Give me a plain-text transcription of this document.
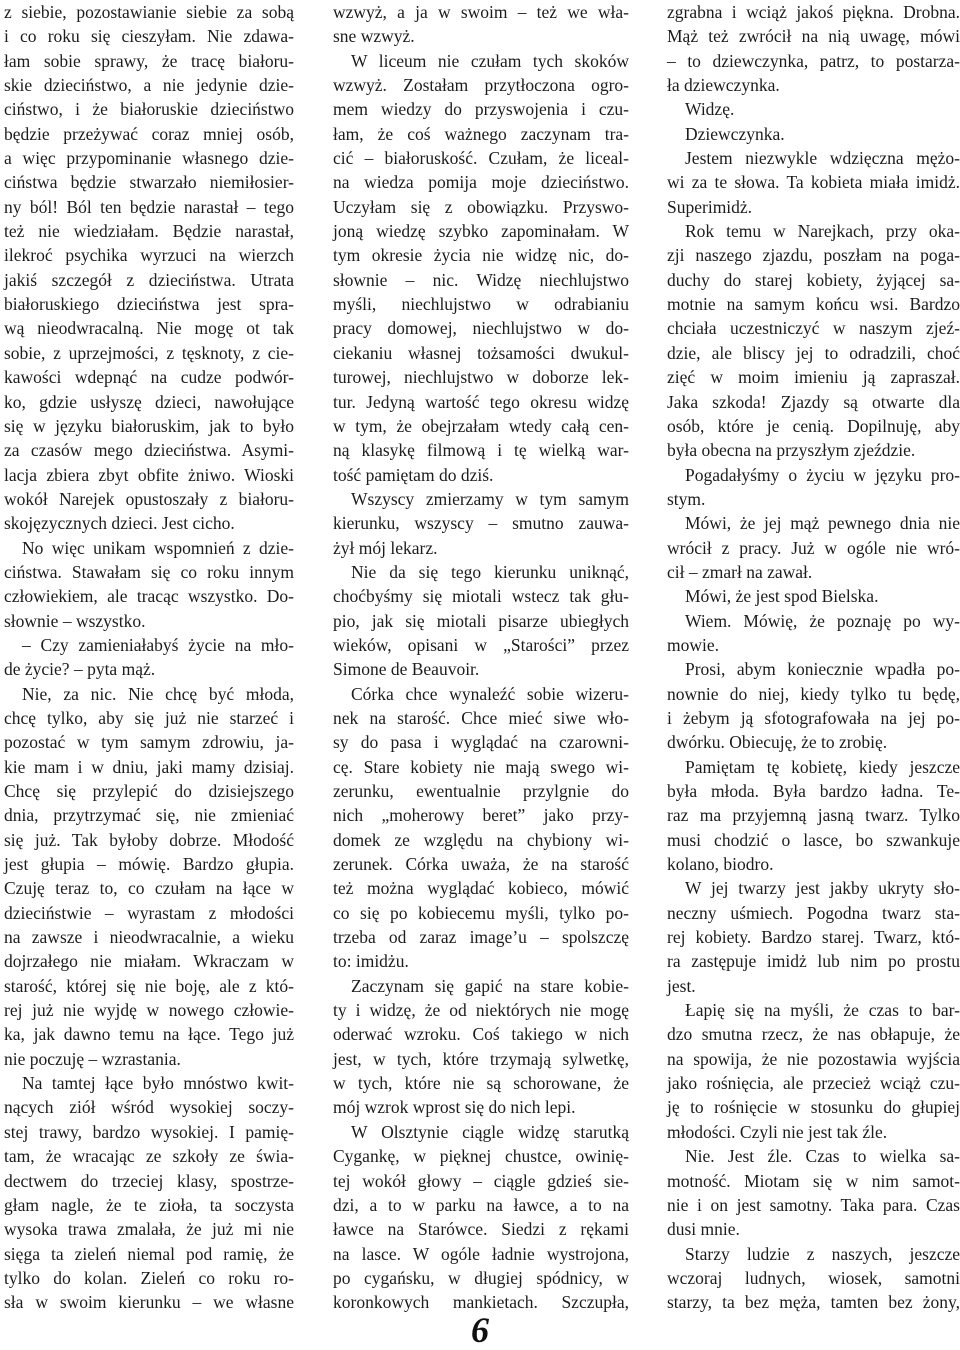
z siebie, pozostawianie siebie za sobą
i co roku się cieszyłam. Nie zdawa-
łam sobie sprawy, że tracę białoru-
skie dzieciństwo, a nie jedynie dzie-
ciństwo, i że białoruskie dzieciństwo
będzie przeżywać coraz mniej osób,
a więc przypominanie własnego dzie-
ciństwa będzie stwarzało niemiłosier-
ny ból! Ból ten będzie narastał – tego
też nie wiedziałam. Będzie narastał,
ilekroć psychika wyrzuci na wierzch
jakiś szczegół z dzieciństwa. Utrata
białoruskiego dzieciństwa jest spra-
wą nieodwracalną. Nie mogę ot tak
sobie, z uprzejmości, z tęsknoty, z cie-
kawości wdepnąć na cudze podwór-
ko, gdzie usłyszę dzieci, nawołujące
się w języku białoruskim, jak to było
za czasów mego dzieciństwa. Asymi-
lacja zbiera zbyt obfite żniwo. Wioski
wokół Narejek opustoszały z białoru-
skojęzycznych dzieci. Jest cicho.
No więc unikam wspomnień z dzie-
ciństwa. Stawałam się co roku innym
człowiekiem, ale tracąc wszystko. Do-
słownie – wszystko.
– Czy zamieniałabyś życie na mło-
de życie? – pyta mąż.
Nie, za nic. Nie chcę być młoda,
chcę tylko, aby się już nie starzeć i
pozostać w tym samym zdrowiu, ja-
kie mam i w dniu, jaki mamy dzisiaj.
Chcę się przylepić do dzisiejszego
dnia, przytrzymać się, nie zmieniać
się już. Tak byłoby dobrze. Młodość
jest głupia – mówię. Bardzo głupia.
Czuję teraz to, co czułam na łące w
dzieciństwie – wyrastam z młodości
na zawsze i nieodwracalnie, a wieku
dojrzałego nie miałam. Wkraczam w
starość, której się nie boję, ale z któ-
rej już nie wyjdę w nowego człowie-
ka, jak dawno temu na łące. Tego już
nie poczuję – wzrastania.
Na tamtej łące było mnóstwo kwit-
nących ziół wśród wysokiej soczy-
stej trawy, bardzo wysokiej. I pamię-
tam, że wracając ze szkoły ze świa-
dectwem do trzeciej klasy, spostrze-
głam nagle, że te zioła, ta soczysta
wysoka trawa zmalała, że już mi nie
sięga ta zieleń niemal pod ramię, że
tylko do kolan. Zieleń co roku ro-
sła w swoim kierunku – we własne
wzwyż, a ja w swoim – też we wła-
sne wzwyż.
W liceum nie czułam tych skoków
wzwyż. Zostałam przytłoczona ogro-
mem wiedzy do przyswojenia i czu-
łam, że coś ważnego zaczynam tra-
cić – białoruskość. Czułam, że liceal-
na wiedza pomija moje dzieciństwo.
Uczyłam się z obowiązku. Przyswo-
joną wiedzę szybko zapominałam. W
tym okresie życia nie widzę nic, do-
słownie – nic. Widzę niechlujstwo
myśli, niechlujstwo w odrabianiu
pracy domowej, niechlujstwo w do-
ciekaniu własnej tożsamości dwukul-
turowej, niechlujstwo w doborze lek-
tur. Jedyną wartość tego okresu widzę
w tym, że obejrzałam wtedy całą cen-
ną klasykę filmową i tę wielką war-
tość pamiętam do dziś.
Wszyscy zmierzamy w tym samym
kierunku, wszyscy – smutno zauwa-
żył mój lekarz.
Nie da się tego kierunku uniknąć,
choćbyśmy się miotali wstecz tak głu-
pio, jak się miotali pisarze ubiegłych
wieków, opisani w „Starości” przez
Simone de Beauvoir.
Córka chce wynaleźć sobie wizeru-
nek na starość. Chce mieć siwe wło-
sy do pasa i wyglądać na czarowni-
cę. Stare kobiety nie mają swego wi-
zerunku, ewentualnie przylgnie do
nich „moherowy beret” jako przy-
domek ze względu na chybiony wi-
zerunek. Córka uważa, że na starość
też można wyglądać kobieco, mówić
co się po kobiecemu myśli, tylko po-
trzeba od zaraz image’u – spolszczę
to: imidżu.
Zaczynam się gapić na stare kobie-
ty i widzę, że od niektórych nie mogę
oderwać wzroku. Coś takiego w nich
jest, w tych, które trzymają sylwetkę,
w tych, które nie są schorowane, że
mój wzrok wprost się do nich lepi.
W Olsztynie ciągle widzę starutką
Cygankę, w pięknej chustce, owinię-
tej wokół głowy – ciągle gdzieś sie-
dzi, a to w parku na ławce, a to na
ławce na Starówce. Siedzi z rękami
na lasce. W ogóle ładnie wystrojona,
po cygańsku, w długiej spódnicy, w
koronkowych mankietach. Szczupła,
zgrabna i wciąż jakoś piękna. Drobna.
Mąż też zwrócił na nią uwagę, mówi
– to dziewczynka, patrz, to postarza-
ła dziewczynka.
Widzę.
Dziewczynka.
Jestem niezwykle wdzięczna mężo-
wi za te słowa. Ta kobieta miała imidż.
Superimidż.
Rok temu w Narejkach, przy oka-
zji naszego zjazdu, poszłam na poga-
duchy do starej kobiety, żyjącej sa-
motnie na samym końcu wsi. Bardzo
chciała uczestniczyć w naszym zjeź-
dzie, ale bliscy jej to odradzili, choć
zięć w moim imieniu ją zapraszał.
Jaka szkoda! Zjazdy są otwarte dla
osób, które je cenią. Dopilnuję, aby
była obecna na przyszłym zjeździe.
Pogadałyśmy o życiu w języku pro-
stym.
Mówi, że jej mąż pewnego dnia nie
wrócił z pracy. Już w ogóle nie wró-
cił – zmarł na zawał.
Mówi, że jest spod Bielska.
Wiem. Mówię, że poznaję po wy-
mowie.
Prosi, abym koniecznie wpadła po-
nownie do niej, kiedy tylko tu będę,
i żebym ją sfotografowała na jej po-
dwórku. Obiecuję, że to zrobię.
Pamiętam tę kobietę, kiedy jeszcze
była młoda. Była bardzo ładna. Te-
raz ma przyjemną jasną twarz. Tylko
musi chodzić o lasce, bo szwankuje
kolano, biodro.
W jej twarzy jest jakby ukryty sło-
neczny uśmiech. Pogodna twarz sta-
rej kobiety. Bardzo starej. Twarz, któ-
ra zastępuje imidż lub nim po prostu
jest.
Łapię się na myśli, że czas to bar-
dzo smutna rzecz, że nas obłapuje, że
na spowija, że nie pozostawia wyjścia
jako rośnięcia, ale przecież wciąż czu-
ję to rośnięcie w stosunku do głupiej
młodości. Czyli nie jest tak źle.
Nie. Jest źle. Czas to wielka sa-
motność. Miotam się w nim samot-
nie i on jest samotny. Taka para. Czas
dusi mnie.
Starzy ludzie z naszych, jeszcze
wczoraj ludnych, wiosek, samotni
starzy, ta bez męża, tamten bez żony,
6
